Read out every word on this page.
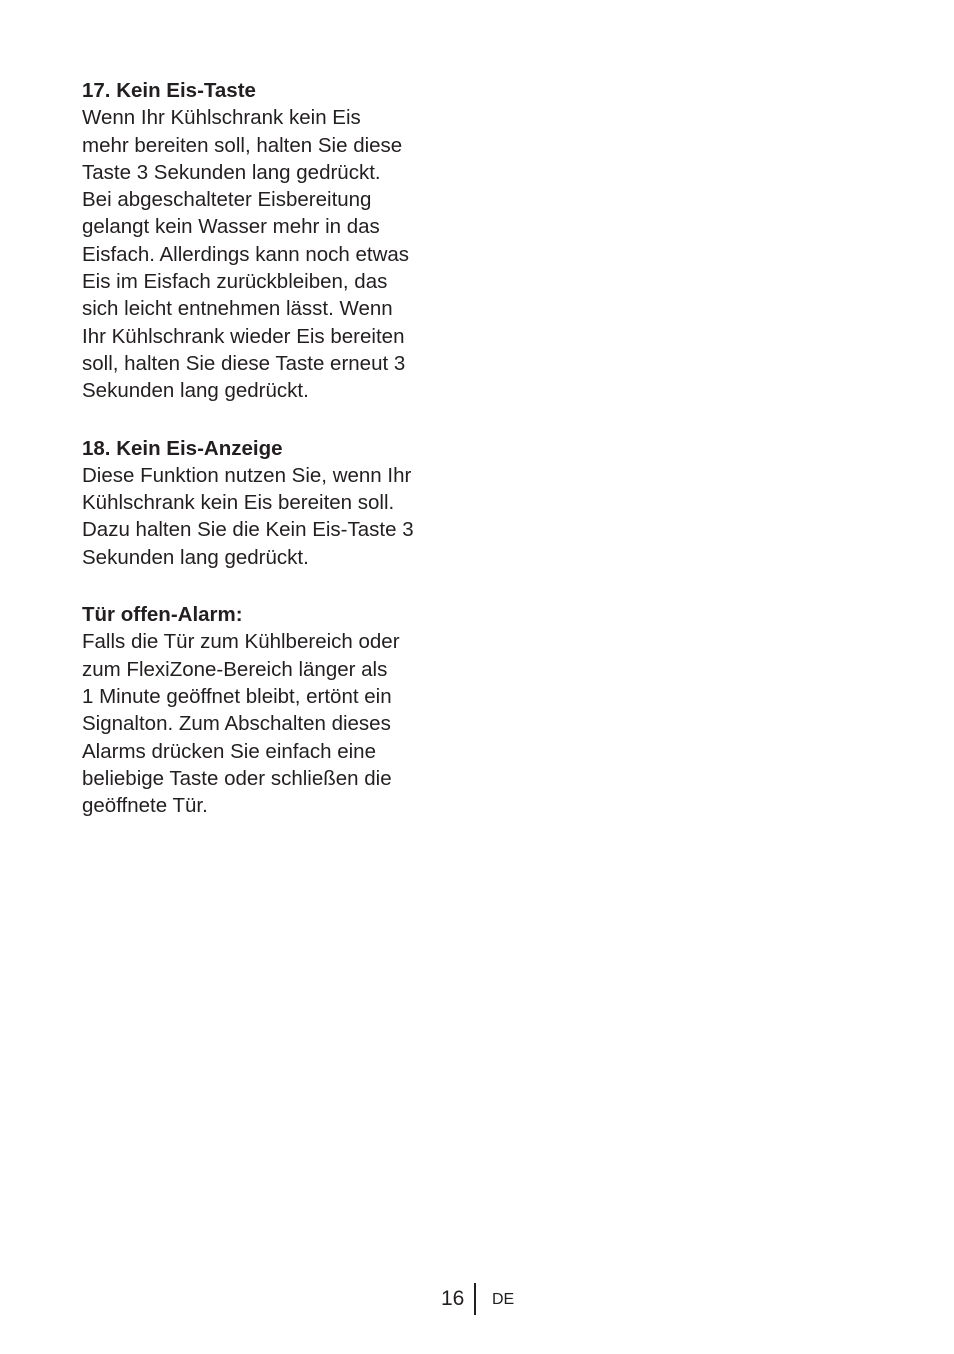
17. Kein Eis-Taste

Wenn Ihr Kühlschrank kein Eis

mehr bereiten soll, halten Sie diese

Taste 3 Sekunden lang gedrückt.

Bei abgeschalteter Eisbereitung

gelangt kein Wasser mehr in das

Eisfach. Allerdings kann noch etwas

Eis im Eisfach zurückbleiben, das

sich leicht entnehmen lässt. Wenn

Ihr Kühlschrank wieder Eis bereiten

soll, halten Sie diese Taste erneut 3

Sekunden lang gedrückt.

18. Kein Eis-Anzeige

Diese Funktion nutzen Sie, wenn Ihr

Kühlschrank kein Eis bereiten soll.

Dazu halten Sie die Kein Eis-Taste 3

Sekunden lang gedrückt.

Tür offen-Alarm:

Falls die Tür zum Kühlbereich oder

zum FlexiZone-Bereich länger als

1 Minute geöffnet bleibt, ertönt ein

Signalton. Zum Abschalten dieses

Alarms drücken Sie einfach eine

beliebige Taste oder schließen die

geöffnete Tür.

16 DE
